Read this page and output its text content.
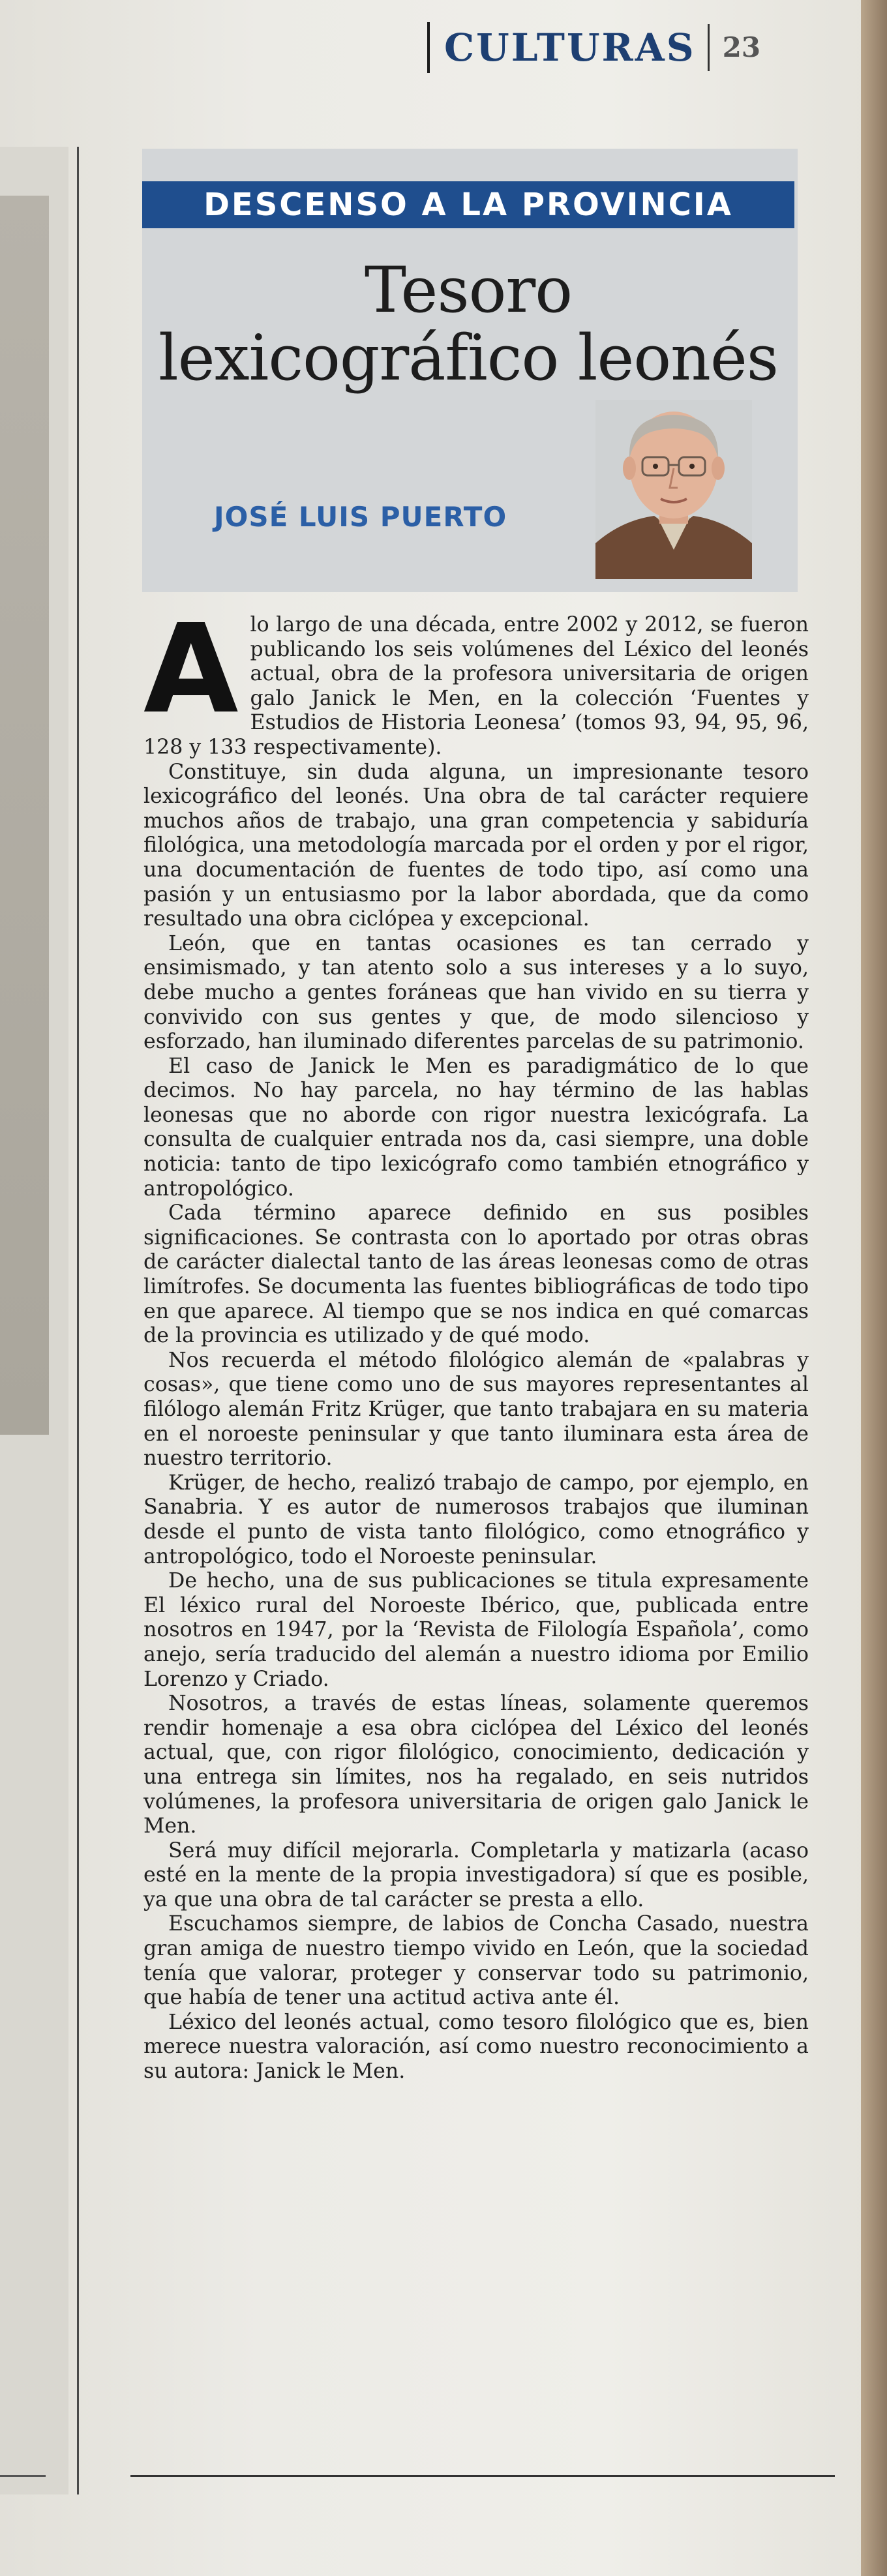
CULTURAS 23
DESCENSO A LA PROVINCIA
Tesoro lexicográfico leonés
JOSÉ LUIS PUERTO

Alo largo de una década, entre 2002 y 2012, se fueron publicando los seis volúmenes del Léxico del leonés actual, obra de la profesora universitaria de origen galo Janick le Men, en la colección ‘Fuentes y Estudios de Historia Leonesa’ (tomos 93, 94, 95, 96, 128 y 133 respectivamente).

Constituye, sin duda alguna, un impresionante tesoro lexicográfico del leonés. Una obra de tal carácter requiere muchos años de trabajo, una gran competencia y sabiduría filológica, una metodología marcada por el orden y por el rigor, una documentación de fuentes de todo tipo, así como una pasión y un entusiasmo por la labor abordada, que da como resultado una obra ciclópea y excepcional.

León, que en tantas ocasiones es tan cerrado y ensimismado, y tan atento solo a sus intereses y a lo suyo, debe mucho a gentes foráneas que han vivido en su tierra y convivido con sus gentes y que, de modo silencioso y esforzado, han iluminado diferentes parcelas de su patrimonio.

El caso de Janick le Men es paradigmático de lo que decimos. No hay parcela, no hay término de las hablas leonesas que no aborde con rigor nuestra lexicógrafa. La consulta de cualquier entrada nos da, casi siempre, una doble noticia: tanto de tipo lexicógrafo como también etnográfico y antropológico.

Cada término aparece definido en sus posibles significaciones. Se contrasta con lo aportado por otras obras de carácter dialectal tanto de las áreas leonesas como de otras limítrofes. Se documenta las fuentes bibliográficas de todo tipo en que aparece. Al tiempo que se nos indica en qué comarcas de la provincia es utilizado y de qué modo.

Nos recuerda el método filológico alemán de «palabras y cosas», que tiene como uno de sus mayores representantes al filólogo alemán Fritz Krüger, que tanto trabajara en su materia en el noroeste peninsular y que tanto iluminara esta área de nuestro territorio.

Krüger, de hecho, realizó trabajo de campo, por ejemplo, en Sanabria. Y es autor de numerosos trabajos que iluminan desde el punto de vista tanto filológico, como etnográfico y antropológico, todo el Noroeste peninsular.

De hecho, una de sus publicaciones se titula expresamente El léxico rural del Noroeste Ibérico, que, publicada entre nosotros en 1947, por la ‘Revista de Filología Española’, como anejo, sería traducido del alemán a nuestro idioma por Emilio Lorenzo y Criado.

Nosotros, a través de estas líneas, solamente queremos rendir homenaje a esa obra ciclópea del Léxico del leonés actual, que, con rigor filológico, conocimiento, dedicación y una entrega sin límites, nos ha regalado, en seis nutridos volúmenes, la profesora universitaria de origen galo Janick le Men.

Será muy difícil mejorarla. Completarla y matizarla (acaso esté en la mente de la propia investigadora) sí que es posible, ya que una obra de tal carácter se presta a ello.

Escuchamos siempre, de labios de Concha Casado, nuestra gran amiga de nuestro tiempo vivido en León, que la sociedad tenía que valorar, proteger y conservar todo su patrimonio, que había de tener una actitud activa ante él.

Léxico del leonés actual, como tesoro filológico que es, bien merece nuestra valoración, así como nuestro reconocimiento a su autora: Janick le Men.
